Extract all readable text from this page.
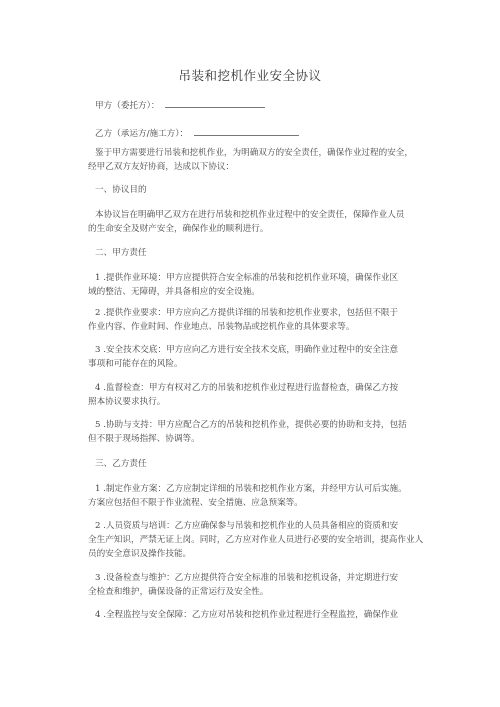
吊装和挖机作业安全协议
甲方（委托方）：
乙方（承运方/施工方）：
鉴于甲方需要进行吊装和挖机作业，为明确双方的安全责任，确保作业过程的安全，
经甲乙双方友好协商，达成以下协议：
一、协议目的
本协议旨在明确甲乙双方在进行吊装和挖机作业过程中的安全责任，保障作业人员
的生命安全及财产安全，确保作业的顺利进行。
二、甲方责任
1 .提供作业环境：甲方应提供符合安全标准的吊装和挖机作业环境，确保作业区
域的整洁、无障碍，并具备相应的安全设施。
2 .提供作业要求：甲方应向乙方提供详细的吊装和挖机作业要求，包括但不限于
作业内容、作业时间、作业地点、吊装物品或挖机作业的具体要求等。
3 .安全技术交底：甲方应向乙方进行安全技术交底，明确作业过程中的安全注意
事项和可能存在的风险。
4 .监督检查：甲方有权对乙方的吊装和挖机作业过程进行监督检查，确保乙方按
照本协议要求执行。
5 .协助与支持：甲方应配合乙方的吊装和挖机作业，提供必要的协助和支持，包括
但不限于现场指挥、协调等。
三、乙方责任
1 .制定作业方案：乙方应制定详细的吊装和挖机作业方案，并经甲方认可后实施。
方案应包括但不限于作业流程、安全措施、应急预案等。
2 .人员资质与培训：乙方应确保参与吊装和挖机作业的人员具备相应的资质和安
全生产知识，严禁无证上岗。同时，乙方应对作业人员进行必要的安全培训，提高作业人
员的安全意识及操作技能。
3 .设备检查与维护：乙方应提供符合安全标准的吊装和挖机设备，并定期进行安
全检查和维护，确保设备的正常运行及安全性。
4 .全程监控与安全保障：乙方应对吊装和挖机作业过程进行全程监控，确保作业
